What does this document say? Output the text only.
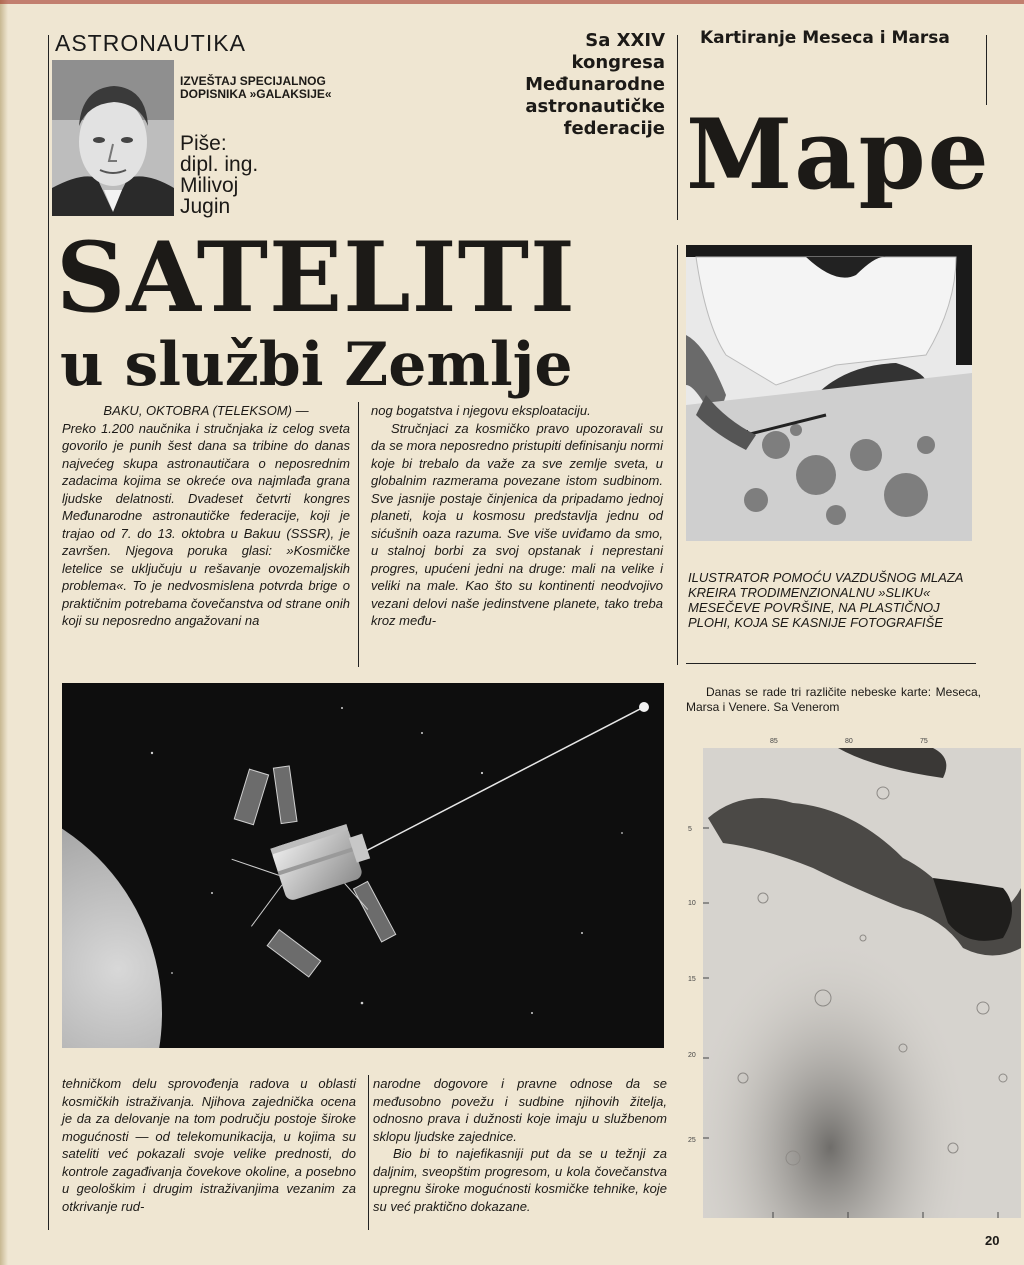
ASTRONAUTIKA
IZVEŠTAJ SPECIJALNOG DOPISNIKA »GALAKSIJE«
Piše:
dipl. ing.
Milivoj
Jugin
Sa XXIV
kongresa
Međunarodne
astronautičke
federacije
SATELITI
u službi Zemlje
BAKU, OKTOBRA (TELEKSOM) —

Preko 1.200 naučnika i stručnjaka iz celog sveta govorilo je punih šest dana sa tribine do danas najvećeg skupa astronautičara o neposrednim zadacima kojima se okreće ova najmlađa grana ljudske delatnosti. Dvadeset četvrti kongres Međunarodne astronautičke federacije, koji je trajao od 7. do 13. oktobra u Bakuu (SSSR), je završen. Njegova poruka glasi: »Kosmičke letelice se uključuju u rešavanje ovozemaljskih problema«. To je nedvosmislena potvrda brige o praktičnim potrebama čovečanstva od strane onih koji su neposredno angažovani na

nog bogatstva i njegovu eksploataciju.

Stručnjaci za kosmičko pravo upozoravali su da se mora neposredno pristupiti definisanju normi koje bi trebalo da važe za sve zemlje sveta, u globalnim razmerama povezane istom sudbinom. Sve jasnije postaje činjenica da pripadamo jednoj planeti, koja u kosmosu predstavlja jednu od sićušnih oaza razuma. Sve više uviđamo da smo, u stalnoj borbi za svoj opstanak i neprestani progres, upućeni jedni na druge: mali na velike i veliki na male. Kao što su kontinenti neodvojivo vezani delovi naše jedinstvene planete, tako treba kroz među-

tehničkom delu sprovođenja radova u oblasti kosmičkih istraživanja. Njihova zajednička ocena je da za delovanje na tom području postoje široke mogućnosti — od telekomunikacija, u kojima su sateliti već pokazali svoje velike prednosti, do kontrole zagađivanja čovekove okoline, a posebno u geološkim i drugim istraživanjima vezanim za otkrivanje rud-

narodne dogovore i pravne odnose da se međusobno povežu i sudbine njihovih žitelja, odnosno prava i dužnosti koje imaju u službenom sklopu ljudske zajednice.

Bio bi to najefikasniji put da se u težnji za daljnim, sveopštim progresom, u kola čovečanstva upregnu široke mogućnosti kosmičke tehnike, koje su već praktično dokazane.

Kartiranje Meseca i Marsa
Mape
ILUSTRATOR POMOĆU VAZDUŠNOG MLAZA KREIRA TRODIMENZIONALNU »SLIKU« MESEČEVE POVRŠINE, NA PLASTIČNOJ PLOHI, KOJA SE KASNIJE FOTOGRAFIŠE
Danas se rade tri različite nebeske karte: Meseca, Marsa i Venere. Sa Venerom
85	80	75
5
10
15
20
25
20
